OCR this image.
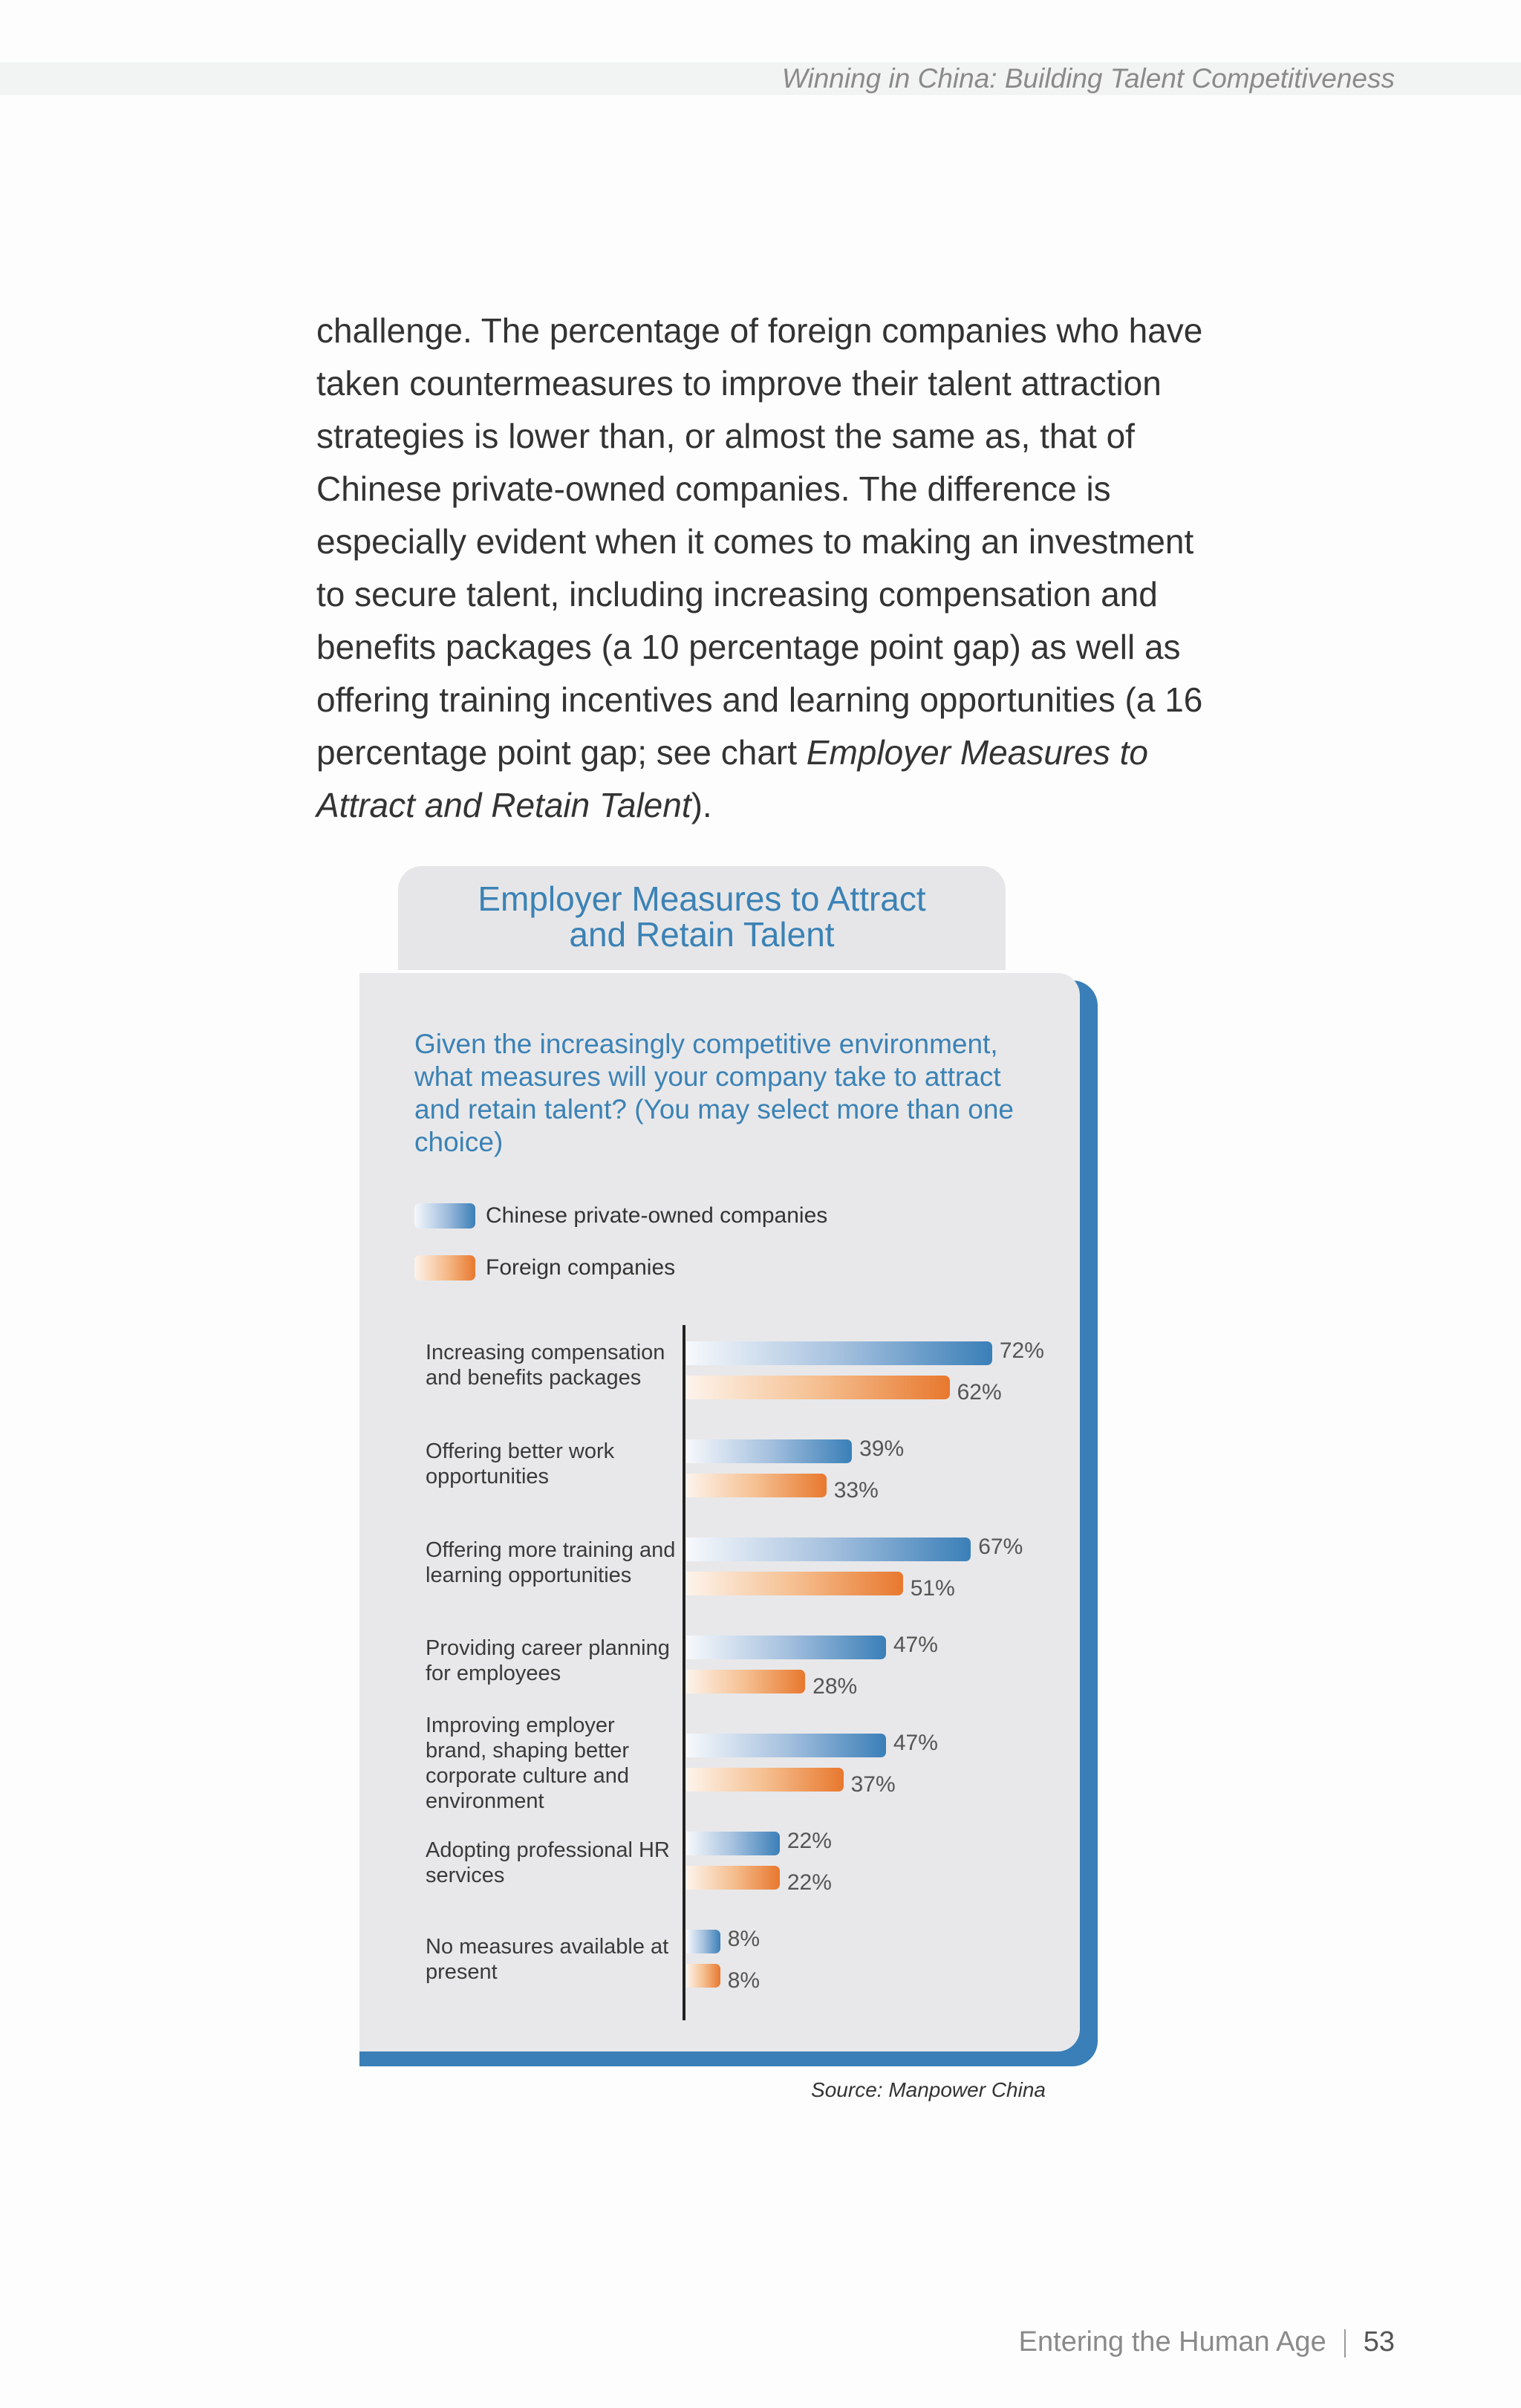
Winning in China: Building Talent Competitiveness

challenge. The percentage of foreign companies who have

taken countermeasures to improve their talent attraction

strategies is lower than, or almost the same as, that of

Chinese private-owned companies. The difference is

especially evident when it comes to making an investment

to secure talent, including increasing compensation and

benefits packages (a 10 percentage point gap) as well as

offering training incentives and learning opportunities (a 16

percentage point gap; see chart Employer Measures to

Attract and Retain Talent).

Employer Measures to Attract
and Retain Talent
Given the increasingly competitive environment, what measures will your company take to attract and retain talent? (You may select more than one choice)
Chinese private-owned companies
Foreign companies
Increasing compensation and benefits packages
72%
62%
Offering better work opportunities
39%
33%
Offering more training and learning opportunities
67%
51%
Providing career planning for employees
47%
28%
Improving employer brand, shaping better corporate culture and environment
47%
37%
Adopting professional HR services
22%
22%
No measures available at present
8%
8%
Source: Manpower China
Entering the Human Age 53
